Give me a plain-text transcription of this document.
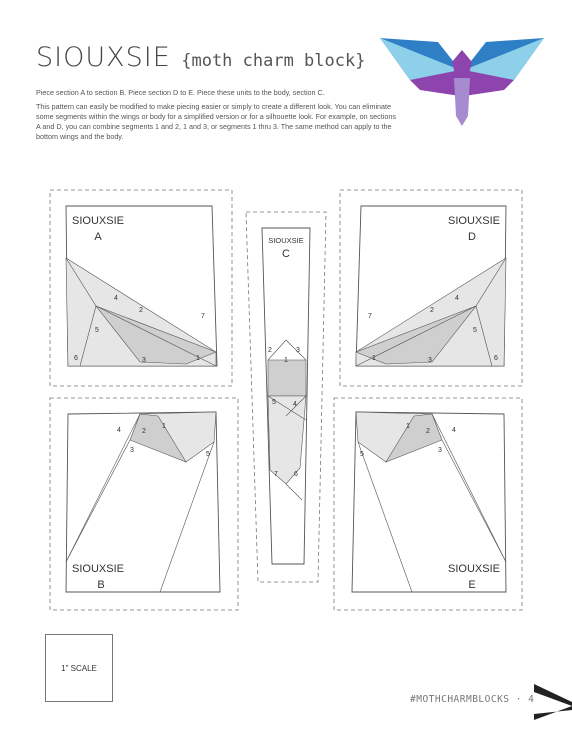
SIOUXSIE {moth charm block}

Piece section A to section B. Piece section D to E. Piece these units to the body, section C.

This pattern can easily be modified to make piecing easier or simply to create a different look. You can eliminate some segments within the wings or body for a simplified version or for a silhouette look. For example, on sections A and D, you can combine segments 1 and 2, 1 and 3, or segments 1 thru 3. The same method can apply to the bottom wings and the body.

SIOUXSIE
A
1
2
3
4
5
6
7
SIOUXSIE
D
1
2
3
4
5
6
7
SIOUXSIE
C
1
2	3
4
5
6
7
SIOUXSIE
B
1
2
3
4
5
SIOUXSIE
E
1
2
3
4
5
1" SCALE
#MOTHCHARMBLOCKS · 4
